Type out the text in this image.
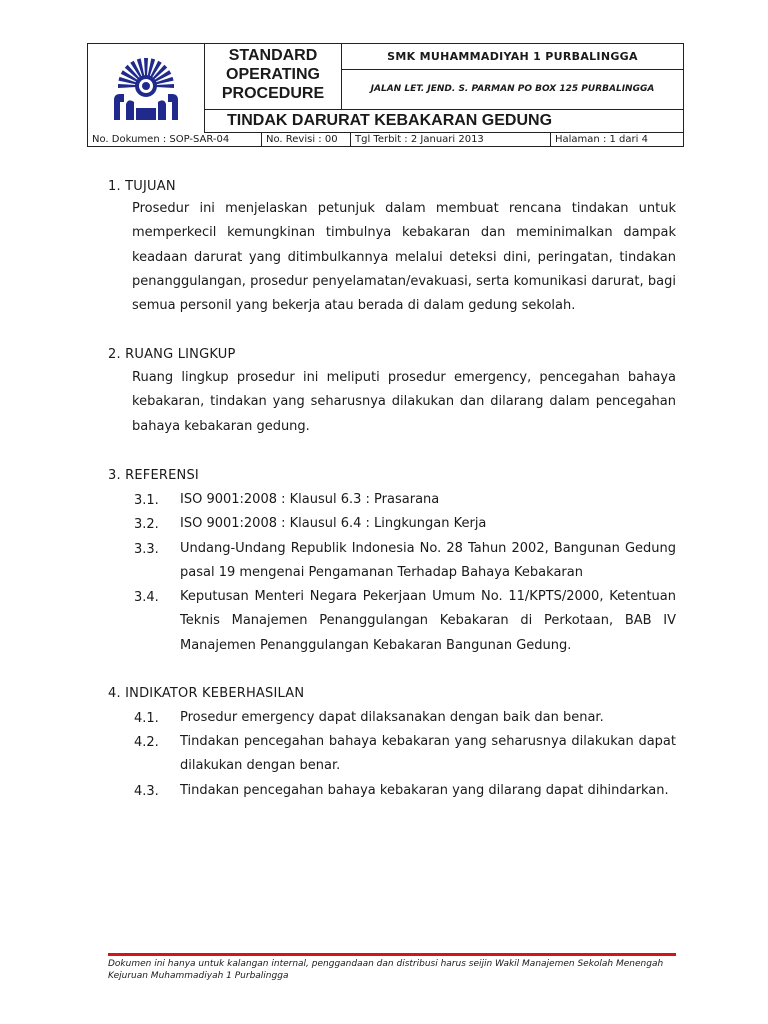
STANDARD
OPERATING
PROCEDURE
SMK MUHAMMADIYAH 1 PURBALINGGA
JALAN LET. JEND. S. PARMAN PO BOX 125 PURBALINGGA
TINDAK DARURAT KEBAKARAN GEDUNG
No. Dokumen : SOP-SAR-04	No. Revisi : 00	Tgl Terbit : 2 Januari 2013	Halaman : 1 dari 4
1. TUJUAN

Prosedur ini menjelaskan petunjuk dalam membuat rencana tindakan untuk memperkecil kemungkinan timbulnya kebakaran dan meminimalkan dampak keadaan darurat yang ditimbulkannya melalui deteksi dini, peringatan, tindakan penanggulangan, prosedur penyelamatan/evakuasi, serta komunikasi darurat, bagi semua personil yang bekerja atau berada di dalam gedung sekolah.

2. RUANG LINGKUP

Ruang lingkup prosedur ini meliputi prosedur emergency, pencegahan bahaya kebakaran, tindakan yang seharusnya dilakukan dan dilarang dalam pencegahan bahaya kebakaran gedung.

3. REFERENSI
3.1. ISO 9001:2008 : Klausul 6.3 : Prasarana

3.2. ISO 9001:2008 : Klausul 6.4 : Lingkungan Kerja

3.3. Undang-Undang Republik Indonesia No. 28 Tahun 2002, Bangunan Gedung pasal 19 mengenai Pengamanan Terhadap Bahaya Kebakaran

3.4. Keputusan Menteri Negara Pekerjaan Umum No. 11/KPTS/2000, Ketentuan Teknis Manajemen Penanggulangan Kebakaran di Perkotaan, BAB IV Manajemen Penanggulangan Kebakaran Bangunan Gedung.

4. INDIKATOR KEBERHASILAN
4.1. Prosedur emergency dapat dilaksanakan dengan baik dan benar.

4.2. Tindakan pencegahan bahaya kebakaran yang seharusnya dilakukan dapat dilakukan dengan benar.

4.3. Tindakan pencegahan bahaya kebakaran yang dilarang dapat dihindarkan.

Dokumen ini hanya untuk kalangan internal, penggandaan dan distribusi harus seijin Wakil Manajemen Sekolah Menengah Kejuruan Muhammadiyah 1 Purbalingga
